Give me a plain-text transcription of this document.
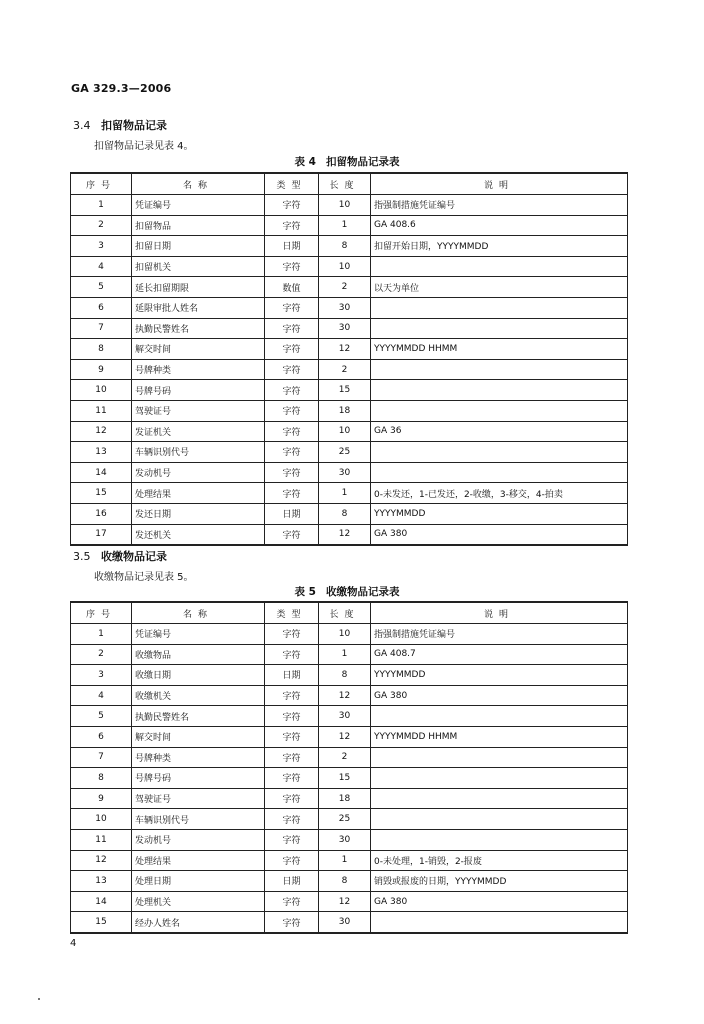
GA 329.3—2006
3.4 扣留物品记录
扣留物品记录见表 4。
表 4 扣留物品记录表
序号	名称	类型	长度	说明
1	凭证编号	字符	10	指强制措施凭证编号
2	扣留物品	字符	1	GA 408.6
3	扣留日期	日期	8	扣留开始日期，YYYYMMDD
4	扣留机关	字符	10	
5	延长扣留期限	数值	2	以天为单位
6	延限审批人姓名	字符	30	
7	执勤民警姓名	字符	30	
8	解交时间	字符	12	YYYYMMDD HHMM
9	号牌种类	字符	2	
10	号牌号码	字符	15	
11	驾驶证号	字符	18	
12	发证机关	字符	10	GA 36
13	车辆识别代号	字符	25	
14	发动机号	字符	30	
15	处理结果	字符	1	0-未发还，1-已发还，2-收缴，3-移交，4-拍卖
16	发还日期	日期	8	YYYYMMDD
17	发还机关	字符	12	GA 380
3.5 收缴物品记录
收缴物品记录见表 5。
表 5 收缴物品记录表
序号	名称	类型	长度	说明
1	凭证编号	字符	10	指强制措施凭证编号
2	收缴物品	字符	1	GA 408.7
3	收缴日期	日期	8	YYYYMMDD
4	收缴机关	字符	12	GA 380
5	执勤民警姓名	字符	30	
6	解交时间	字符	12	YYYYMMDD HHMM
7	号牌种类	字符	2	
8	号牌号码	字符	15	
9	驾驶证号	字符	18	
10	车辆识别代号	字符	25	
11	发动机号	字符	30	
12	处理结果	字符	1	0-未处理，1-销毁，2-报废
13	处理日期	日期	8	销毁或报废的日期，YYYYMMDD
14	处理机关	字符	12	GA 380
15	经办人姓名	字符	30	
4
